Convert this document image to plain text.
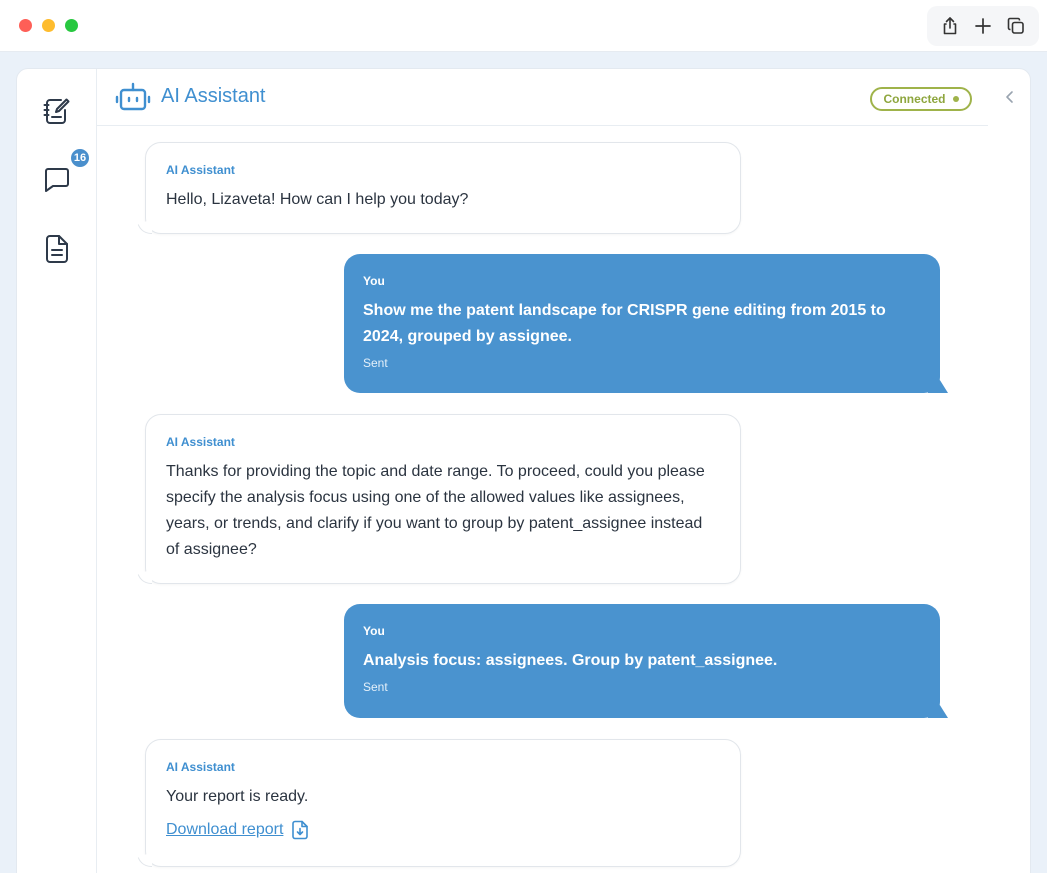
16
AI Assistant	Connected
AI Assistant
Hello, Lizaveta! How can I help you today?
You
Show me the patent landscape for CRISPR gene editing from 2015 to 2024, grouped by assignee.
Sent
AI Assistant
Thanks for providing the topic and date range. To proceed, could you please specify the analysis focus using one of the allowed values like assignees, years, or trends, and clarify if you want to group by patent_assignee instead of assignee?
You
Analysis focus: assignees. Group by patent_assignee.
Sent
AI Assistant
Your report is ready.
Download report
